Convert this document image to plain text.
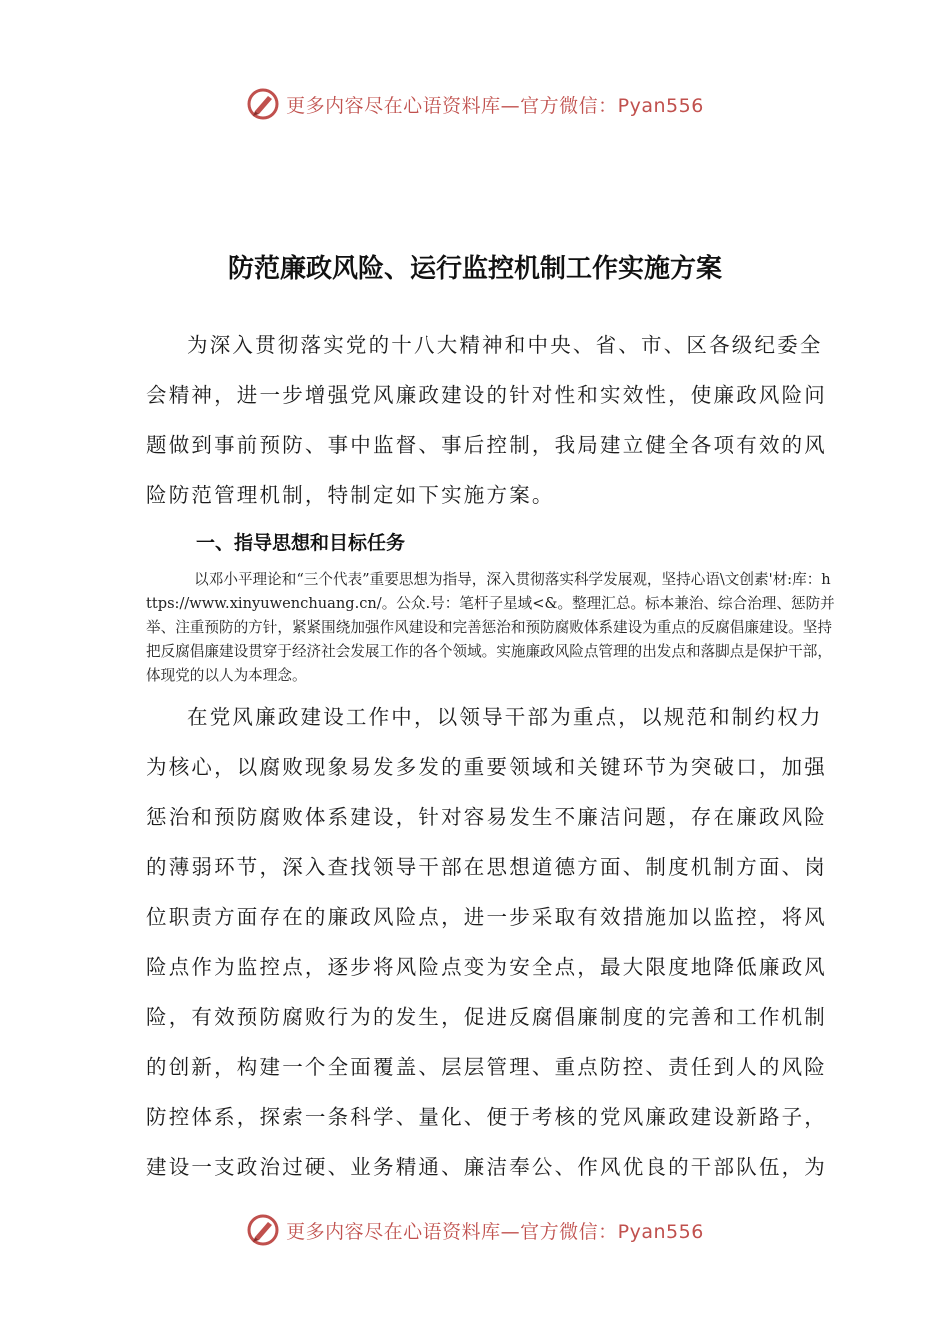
更多内容尽在心语资料库—官方微信：Pyan556
防范廉政风险、运行监控机制工作实施方案

为深入贯彻落实党的十八大精神和中央、省、市、区各级纪委全会精神，进一步增强党风廉政建设的针对性和实效性，使廉政风险问题做到事前预防、事中监督、事后控制，我局建立健全各项有效的风险防范管理机制，特制定如下实施方案。

一、指导思想和目标任务

以邓小平理论和“三个代表”重要思想为指导，深入贯彻落实科学发展观，坚持心语\文创素'材:库：https://www.xinyuwenchuang.cn/。公众.号：笔杆子星域<&。整理汇总。标本兼治、综合治理、惩防并举、注重预防的方针，紧紧围绕加强作风建设和完善惩治和预防腐败体系建设为重点的反腐倡廉建设。坚持把反腐倡廉建设贯穿于经济社会发展工作的各个领域。实施廉政风险点管理的出发点和落脚点是保护干部，体现党的以人为本理念。

在党风廉政建设工作中，以领导干部为重点，以规范和制约权力为核心，以腐败现象易发多发的重要领域和关键环节为突破口，加强惩治和预防腐败体系建设，针对容易发生不廉洁问题，存在廉政风险的薄弱环节，深入查找领导干部在思想道德方面、制度机制方面、岗位职责方面存在的廉政风险点，进一步采取有效措施加以监控，将风险点作为监控点，逐步将风险点变为安全点，最大限度地降低廉政风险，有效预防腐败行为的发生，促进反腐倡廉制度的完善和工作机制的创新，构建一个全面覆盖、层层管理、重点防控、责任到人的风险防控体系，探索一条科学、量化、便于考核的党风廉政建设新路子，建设一支政治过硬、业务精通、廉洁奉公、作风优良的干部队伍，为

更多内容尽在心语资料库—官方微信：Pyan556
